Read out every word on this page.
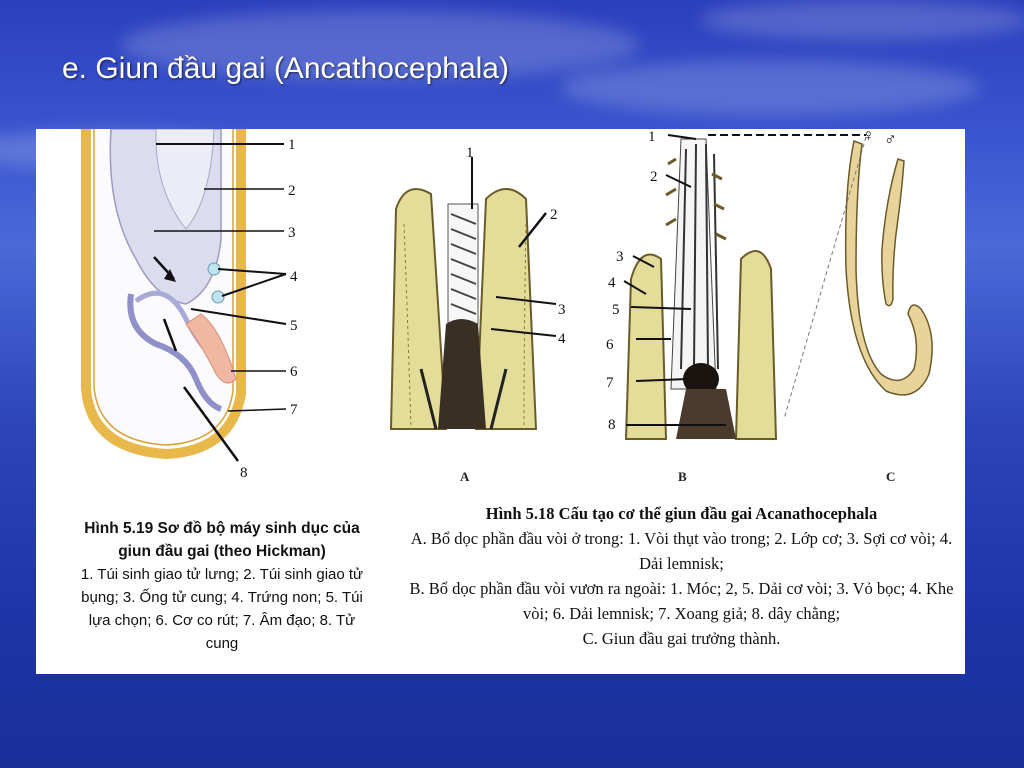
e. Giun đầu gai (Ancathocephala)
1
2
3
4
5
6
7
8
1
2
3
4
A
1
2
3
4
5
6
7
8
B
♀ ♂
C
Hình 5.19 Sơ đồ bộ máy sinh dục của giun đầu gai (theo Hickman)
1. Túi sinh giao tử lưng; 2. Túi sinh giao tử bụng; 3. Ống tử cung; 4. Trứng non; 5. Túi lựa chọn; 6. Cơ co rút; 7. Âm đạo; 8. Tử cung
Hình 5.18 Cấu tạo cơ thể giun đầu gai Acanathocephala
A. Bổ dọc phần đầu vòi ở trong: 1. Vòi thụt vào trong; 2. Lớp cơ; 3. Sợi cơ vòi; 4. Dải lemnisk;
B. Bổ dọc phần đầu vòi vươn ra ngoài: 1. Móc; 2, 5. Dải cơ vòi; 3. Vỏ bọc; 4. Khe vòi; 6. Dải lemnisk; 7. Xoang giả; 8. dây chằng;
C. Giun đầu gai trưởng thành.
